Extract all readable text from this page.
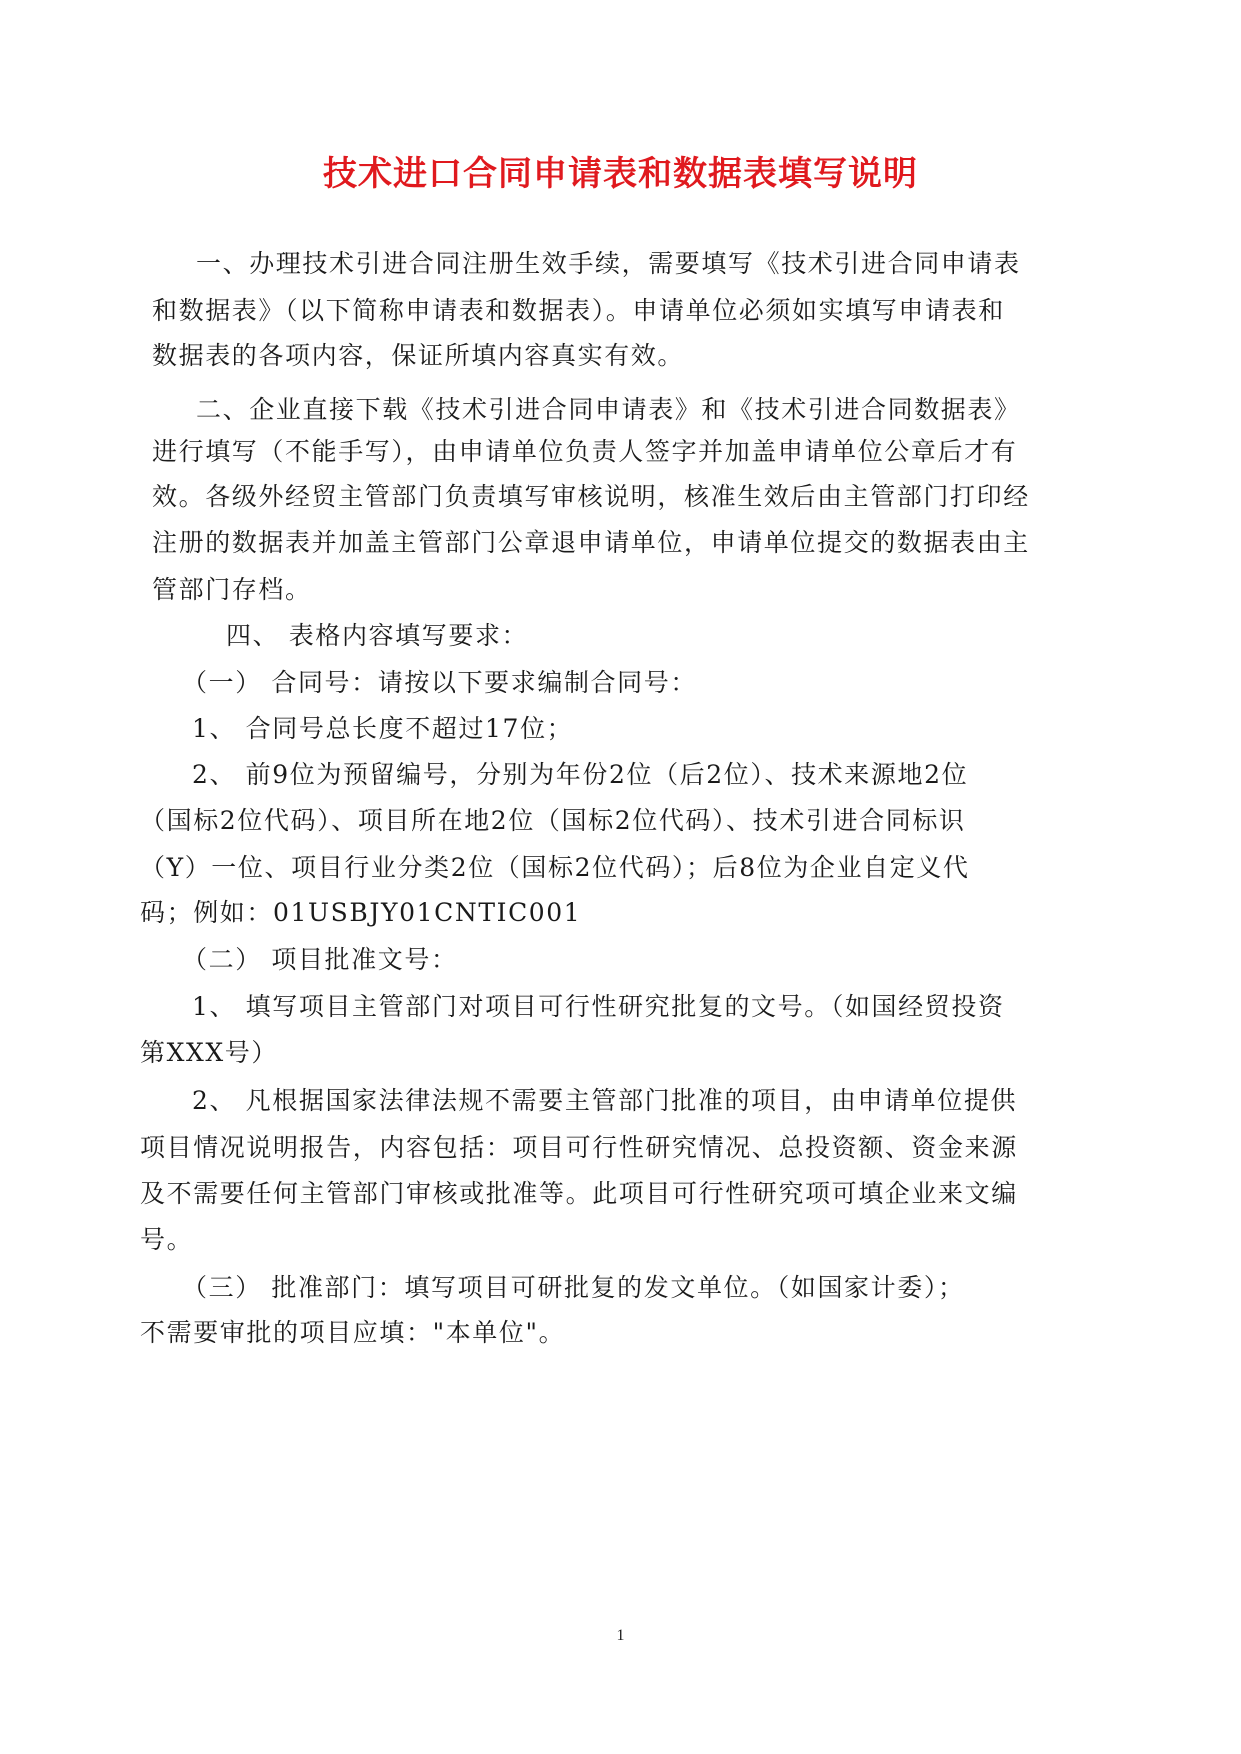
技术进口合同申请表和数据表填写说明
一、办理技术引进合同注册生效手续，需要填写《技术引进合同申请表
和数据表》（以下简称申请表和数据表）。申请单位必须如实填写申请表和
数据表的各项内容，保证所填内容真实有效。
二、企业直接下载《技术引进合同申请表》和《技术引进合同数据表》
进行填写（不能手写），由申请单位负责人签字并加盖申请单位公章后才有
效。各级外经贸主管部门负责填写审核说明，核准生效后由主管部门打印经
注册的数据表并加盖主管部门公章退申请单位，申请单位提交的数据表由主
管部门存档。
四、 表格内容填写要求：
（一） 合同号：请按以下要求编制合同号：
1、 合同号总长度不超过17位；
2、 前9位为预留编号，分别为年份2位（后2位）、技术来源地2位
（国标2位代码）、项目所在地2位（国标2位代码）、技术引进合同标识
（Y）一位、项目行业分类2位（国标2位代码）；后8位为企业自定义代
码；例如：01USBJY01CNTIC001
（二） 项目批准文号：
1、 填写项目主管部门对项目可行性研究批复的文号。（如国经贸投资
第XXX号）
2、 凡根据国家法律法规不需要主管部门批准的项目，由申请单位提供
项目情况说明报告，内容包括：项目可行性研究情况、总投资额、资金来源
及不需要任何主管部门审核或批准等。此项目可行性研究项可填企业来文编
号。
（三） 批准部门：填写项目可研批复的发文单位。（如国家计委）；
不需要审批的项目应填："本单位"。
1
